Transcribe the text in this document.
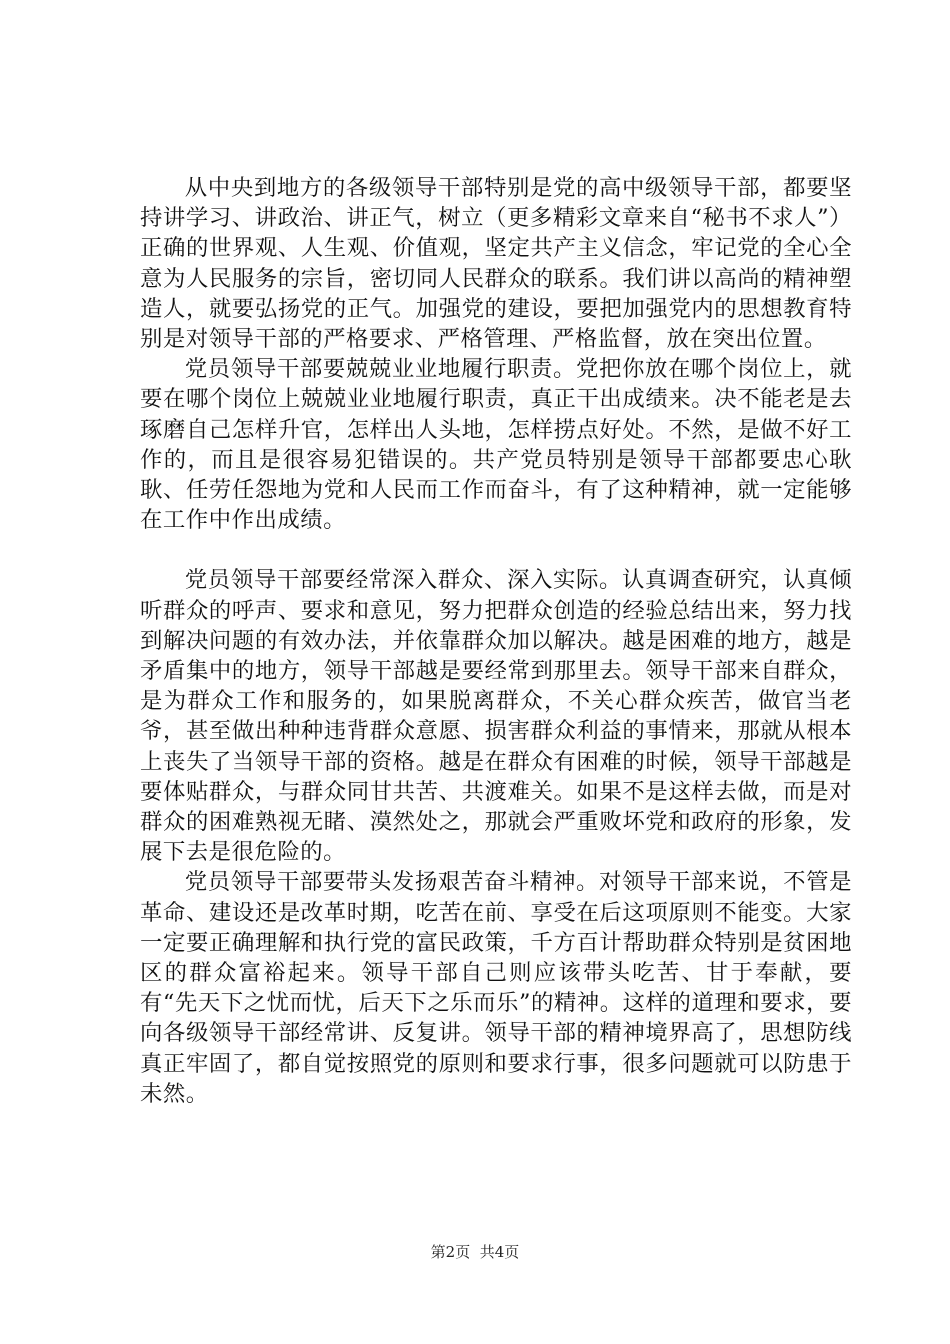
从中央到地方的各级领导干部特别是党的高中级领导干部，都要坚持讲学习、讲政治、讲正气，树立（更多精彩文章来自“秘书不求人”）正确的世界观、人生观、价值观，坚定共产主义信念，牢记党的全心全意为人民服务的宗旨，密切同人民群众的联系。我们讲以高尚的精神塑造人，就要弘扬党的正气。加强党的建设，要把加强党内的思想教育特别是对领导干部的严格要求、严格管理、严格监督，放在突出位置。

党员领导干部要兢兢业业地履行职责。党把你放在哪个岗位上，就要在哪个岗位上兢兢业业地履行职责，真正干出成绩来。决不能老是去琢磨自己怎样升官，怎样出人头地，怎样捞点好处。不然，是做不好工作的，而且是很容易犯错误的。共产党员特别是领导干部都要忠心耿耿、任劳任怨地为党和人民而工作而奋斗，有了这种精神，就一定能够在工作中作出成绩。

党员领导干部要经常深入群众、深入实际。认真调查研究，认真倾听群众的呼声、要求和意见，努力把群众创造的经验总结出来，努力找到解决问题的有效办法，并依靠群众加以解决。越是困难的地方，越是矛盾集中的地方，领导干部越是要经常到那里去。领导干部来自群众，是为群众工作和服务的，如果脱离群众，不关心群众疾苦，做官当老爷，甚至做出种种违背群众意愿、损害群众利益的事情来，那就从根本上丧失了当领导干部的资格。越是在群众有困难的时候，领导干部越是要体贴群众，与群众同甘共苦、共渡难关。如果不是这样去做，而是对群众的困难熟视无睹、漠然处之，那就会严重败坏党和政府的形象，发展下去是很危险的。

党员领导干部要带头发扬艰苦奋斗精神。对领导干部来说，不管是革命、建设还是改革时期，吃苦在前、享受在后这项原则不能变。大家一定要正确理解和执行党的富民政策，千方百计帮助群众特别是贫困地区的群众富裕起来。领导干部自己则应该带头吃苦、甘于奉献，要有“先天下之忧而忧，后天下之乐而乐”的精神。这样的道理和要求，要向各级领导干部经常讲、反复讲。领导干部的精神境界高了，思想防线真正牢固了，都自觉按照党的原则和要求行事，很多问题就可以防患于未然。

第2页 共4页
